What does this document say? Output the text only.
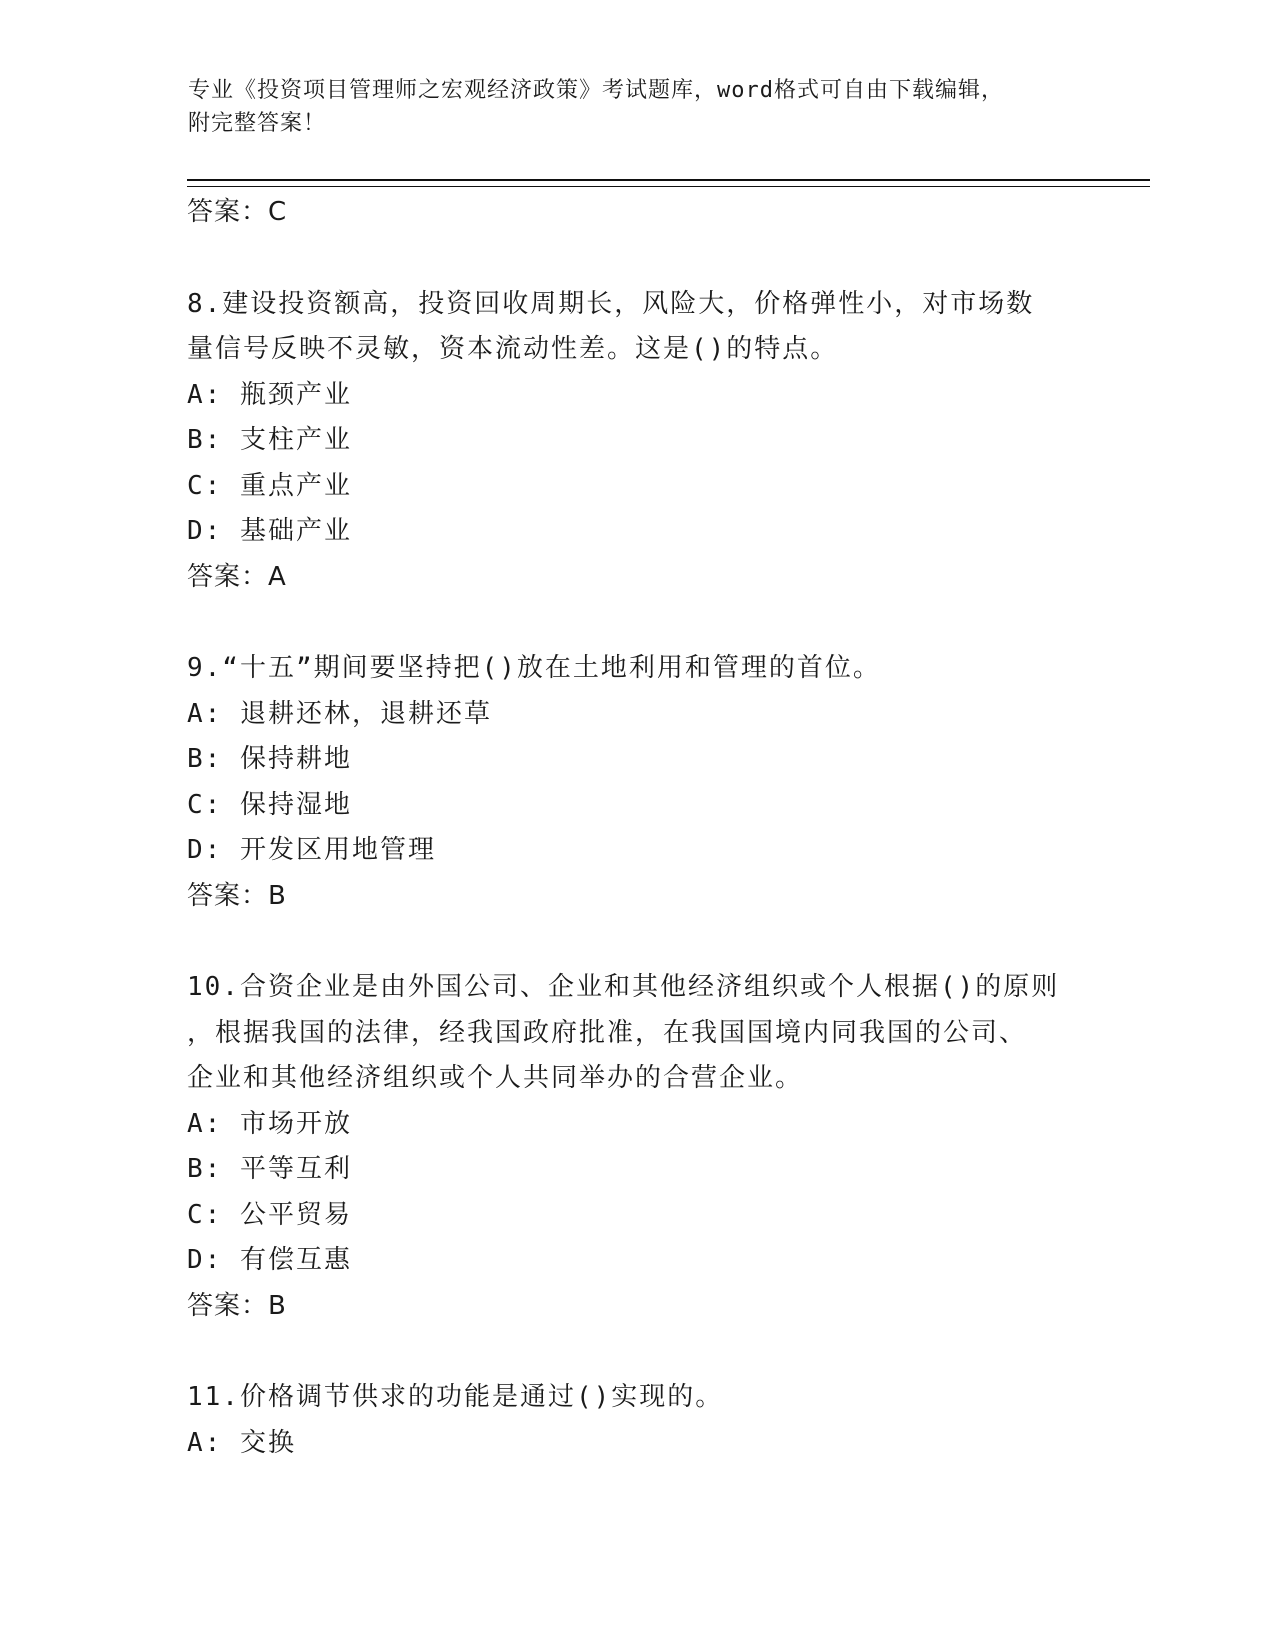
专业《投资项目管理师之宏观经济政策》考试题库，word格式可自由下载编辑，
附完整答案！
答案：C
8.建设投资额高，投资回收周期长，风险大，价格弹性小，对市场数
量信号反映不灵敏，资本流动性差。这是()的特点。
A: 瓶颈产业
B: 支柱产业
C: 重点产业
D: 基础产业
答案：A
9.“十五”期间要坚持把()放在土地利用和管理的首位。
A: 退耕还林，退耕还草
B: 保持耕地
C: 保持湿地
D: 开发区用地管理
答案：B
10.合资企业是由外国公司、企业和其他经济组织或个人根据()的原则
，根据我国的法律，经我国政府批准，在我国国境内同我国的公司、
企业和其他经济组织或个人共同举办的合营企业。
A: 市场开放
B: 平等互利
C: 公平贸易
D: 有偿互惠
答案：B
11.价格调节供求的功能是通过()实现的。
A: 交换
